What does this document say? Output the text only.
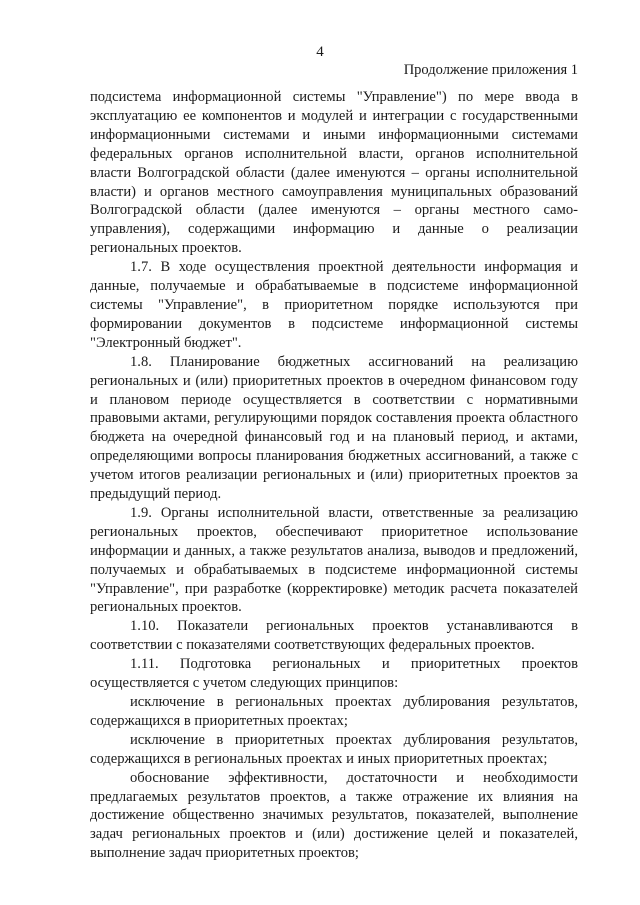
4
Продолжение приложения 1

подсистема информационной системы "Управление") по мере ввода в эксплуатацию ее компонентов и модулей и интеграции с государственными информационными системами и иными информационными системами федеральных органов исполнительной власти, органов исполнительной власти Волгоградской области (далее именуются – органы исполнительной власти) и органов местного самоуправления муниципальных образований Волгоградской области (далее именуются – органы местного само-управления), содержащими информацию и данные о реализации региональных проектов.

1.7. В ходе осуществления проектной деятельности информация и данные, получаемые и обрабатываемые в подсистеме информационной системы "Управление", в приоритетном порядке используются при формировании документов в подсистеме информационной системы "Электронный бюджет".

1.8. Планирование бюджетных ассигнований на реализацию региональных и (или) приоритетных проектов в очередном финансовом году и плановом периоде осуществляется в соответствии с нормативными правовыми актами, регулирующими порядок составления проекта областного бюджета на очередной финансовый год и на плановый период, и актами, определяющими вопросы планирования бюджетных ассигнований, а также с учетом итогов реализации региональных и (или) приоритетных проектов за предыдущий период.

1.9. Органы исполнительной власти, ответственные за реализацию региональных проектов, обеспечивают приоритетное использование информации и данных, а также результатов анализа, выводов и предложений, получаемых и обрабатываемых в подсистеме информационной системы "Управление", при разработке (корректировке) методик расчета показателей региональных проектов.

1.10. Показатели региональных проектов устанавливаются в соответствии с показателями соответствующих федеральных проектов.

1.11. Подготовка региональных и приоритетных проектов осуществляется с учетом следующих принципов:

исключение в региональных проектах дублирования результатов, содержащихся в приоритетных проектах;

исключение в приоритетных проектах дублирования результатов, содержащихся в региональных проектах и иных приоритетных проектах;

обоснование эффективности, достаточности и необходимости предлагаемых результатов проектов, а также отражение их влияния на достижение общественно значимых результатов, показателей, выполнение задач региональных проектов и (или) достижение целей и показателей, выполнение задач приоритетных проектов;
